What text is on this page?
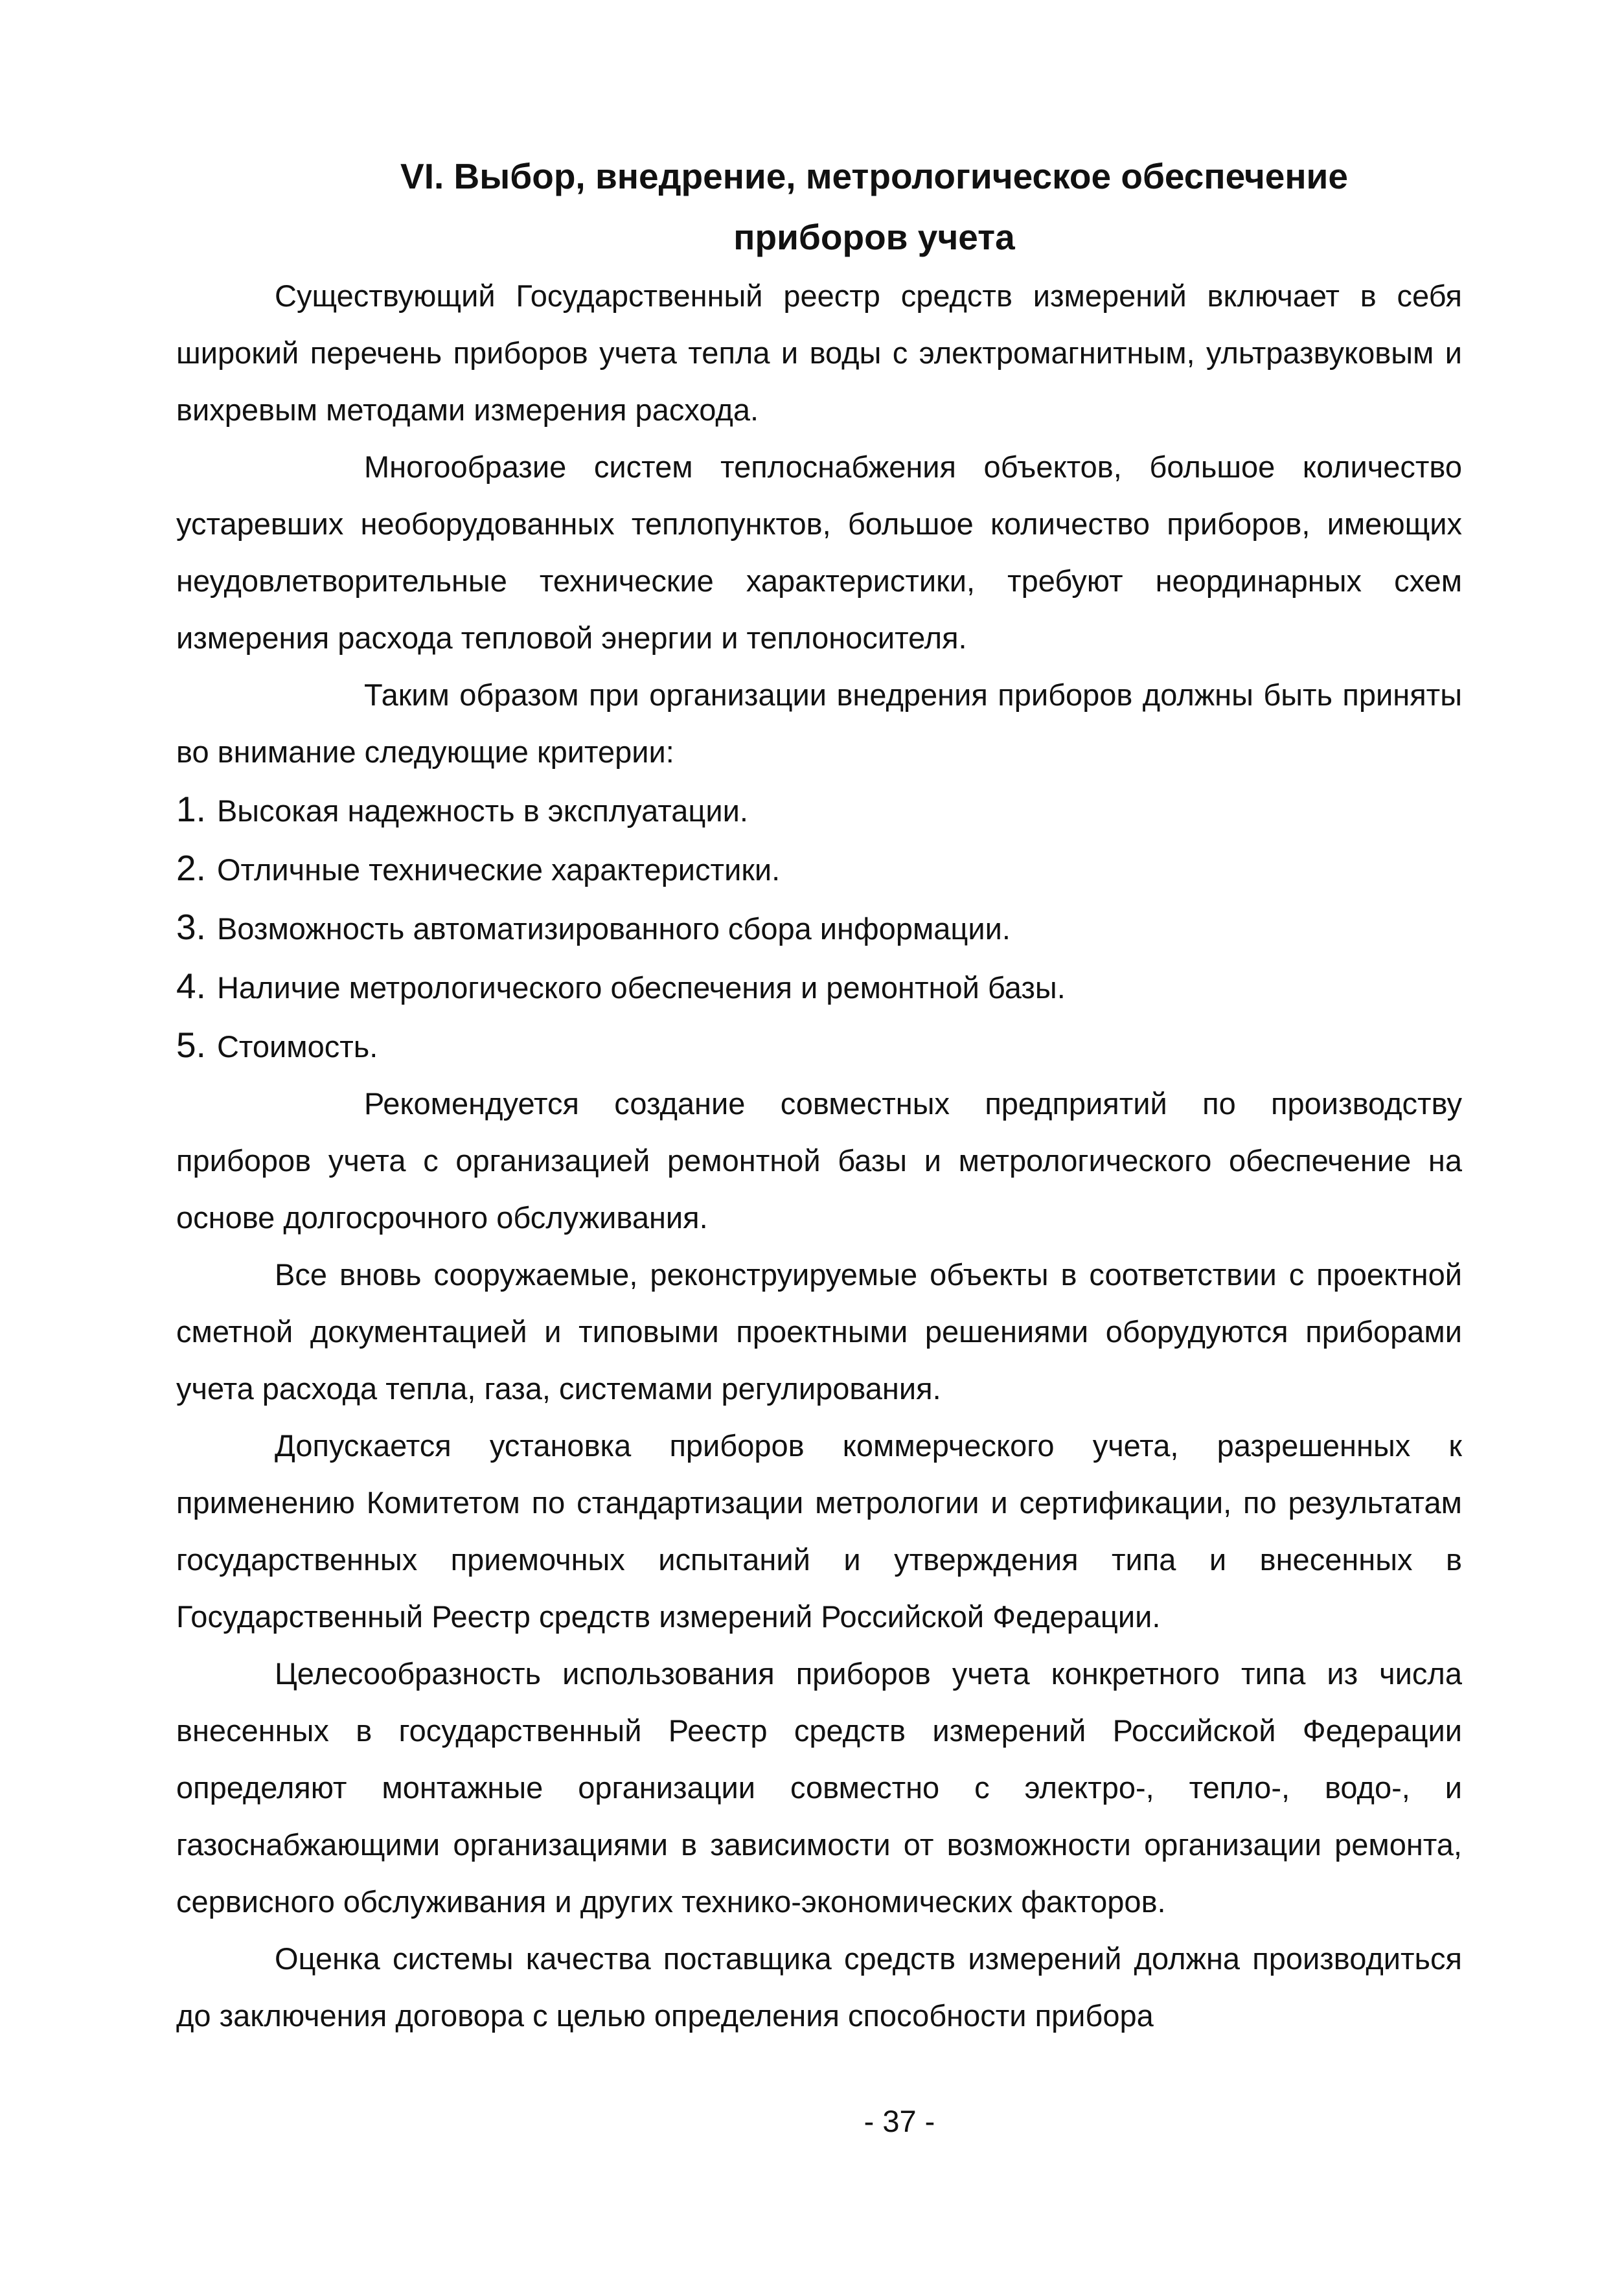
VI. Выбор, внедрение, метрологическое обеспечение
приборов учета

Существующий Государственный реестр средств измерений включает в себя широкий перечень приборов учета тепла и воды с электромагнитным, ультразвуковым и вихревым методами измерения расхода.

Многообразие систем теплоснабжения объектов, большое количество устаревших необорудованных теплопунктов, большое количество приборов, имеющих неудовлетворительные технические характеристики, требуют неординарных схем измерения расхода тепловой энергии и теплоносителя.

Таким образом при организации внедрения приборов должны быть приняты во внимание следующие критерии:

1. Высокая надежность в эксплуатации.
2. Отличные технические характеристики.
3. Возможность автоматизированного сбора информации.
4. Наличие метрологического обеспечения и ремонтной базы.
5. Стоимость.

Рекомендуется создание совместных предприятий по производству приборов учета с организацией ремонтной базы и метрологического обеспечение на основе долгосрочного обслуживания.

Все вновь сооружаемые, реконструируемые объекты в соответствии с проектной сметной документацией и типовыми проектными решениями оборудуются приборами учета расхода тепла, газа, системами регулирования.

Допускается установка приборов коммерческого учета, разрешенных к применению Комитетом по стандартизации метрологии и сертификации, по результатам государственных приемочных испытаний и утверждения типа и внесенных в Государственный Реестр средств измерений Российской Федерации.

Целесообразность использования приборов учета конкретного типа из числа внесенных в государственный Реестр средств измерений Российской Федерации определяют монтажные организации совместно с электро-, тепло-, водо-, и газоснабжающими организациями в зависимости от возможности организации ремонта, сервисного обслуживания и других технико-экономических факторов.

Оценка системы качества поставщика средств измерений должна производиться до заключения договора с целью определения способности прибора

- 37 -
